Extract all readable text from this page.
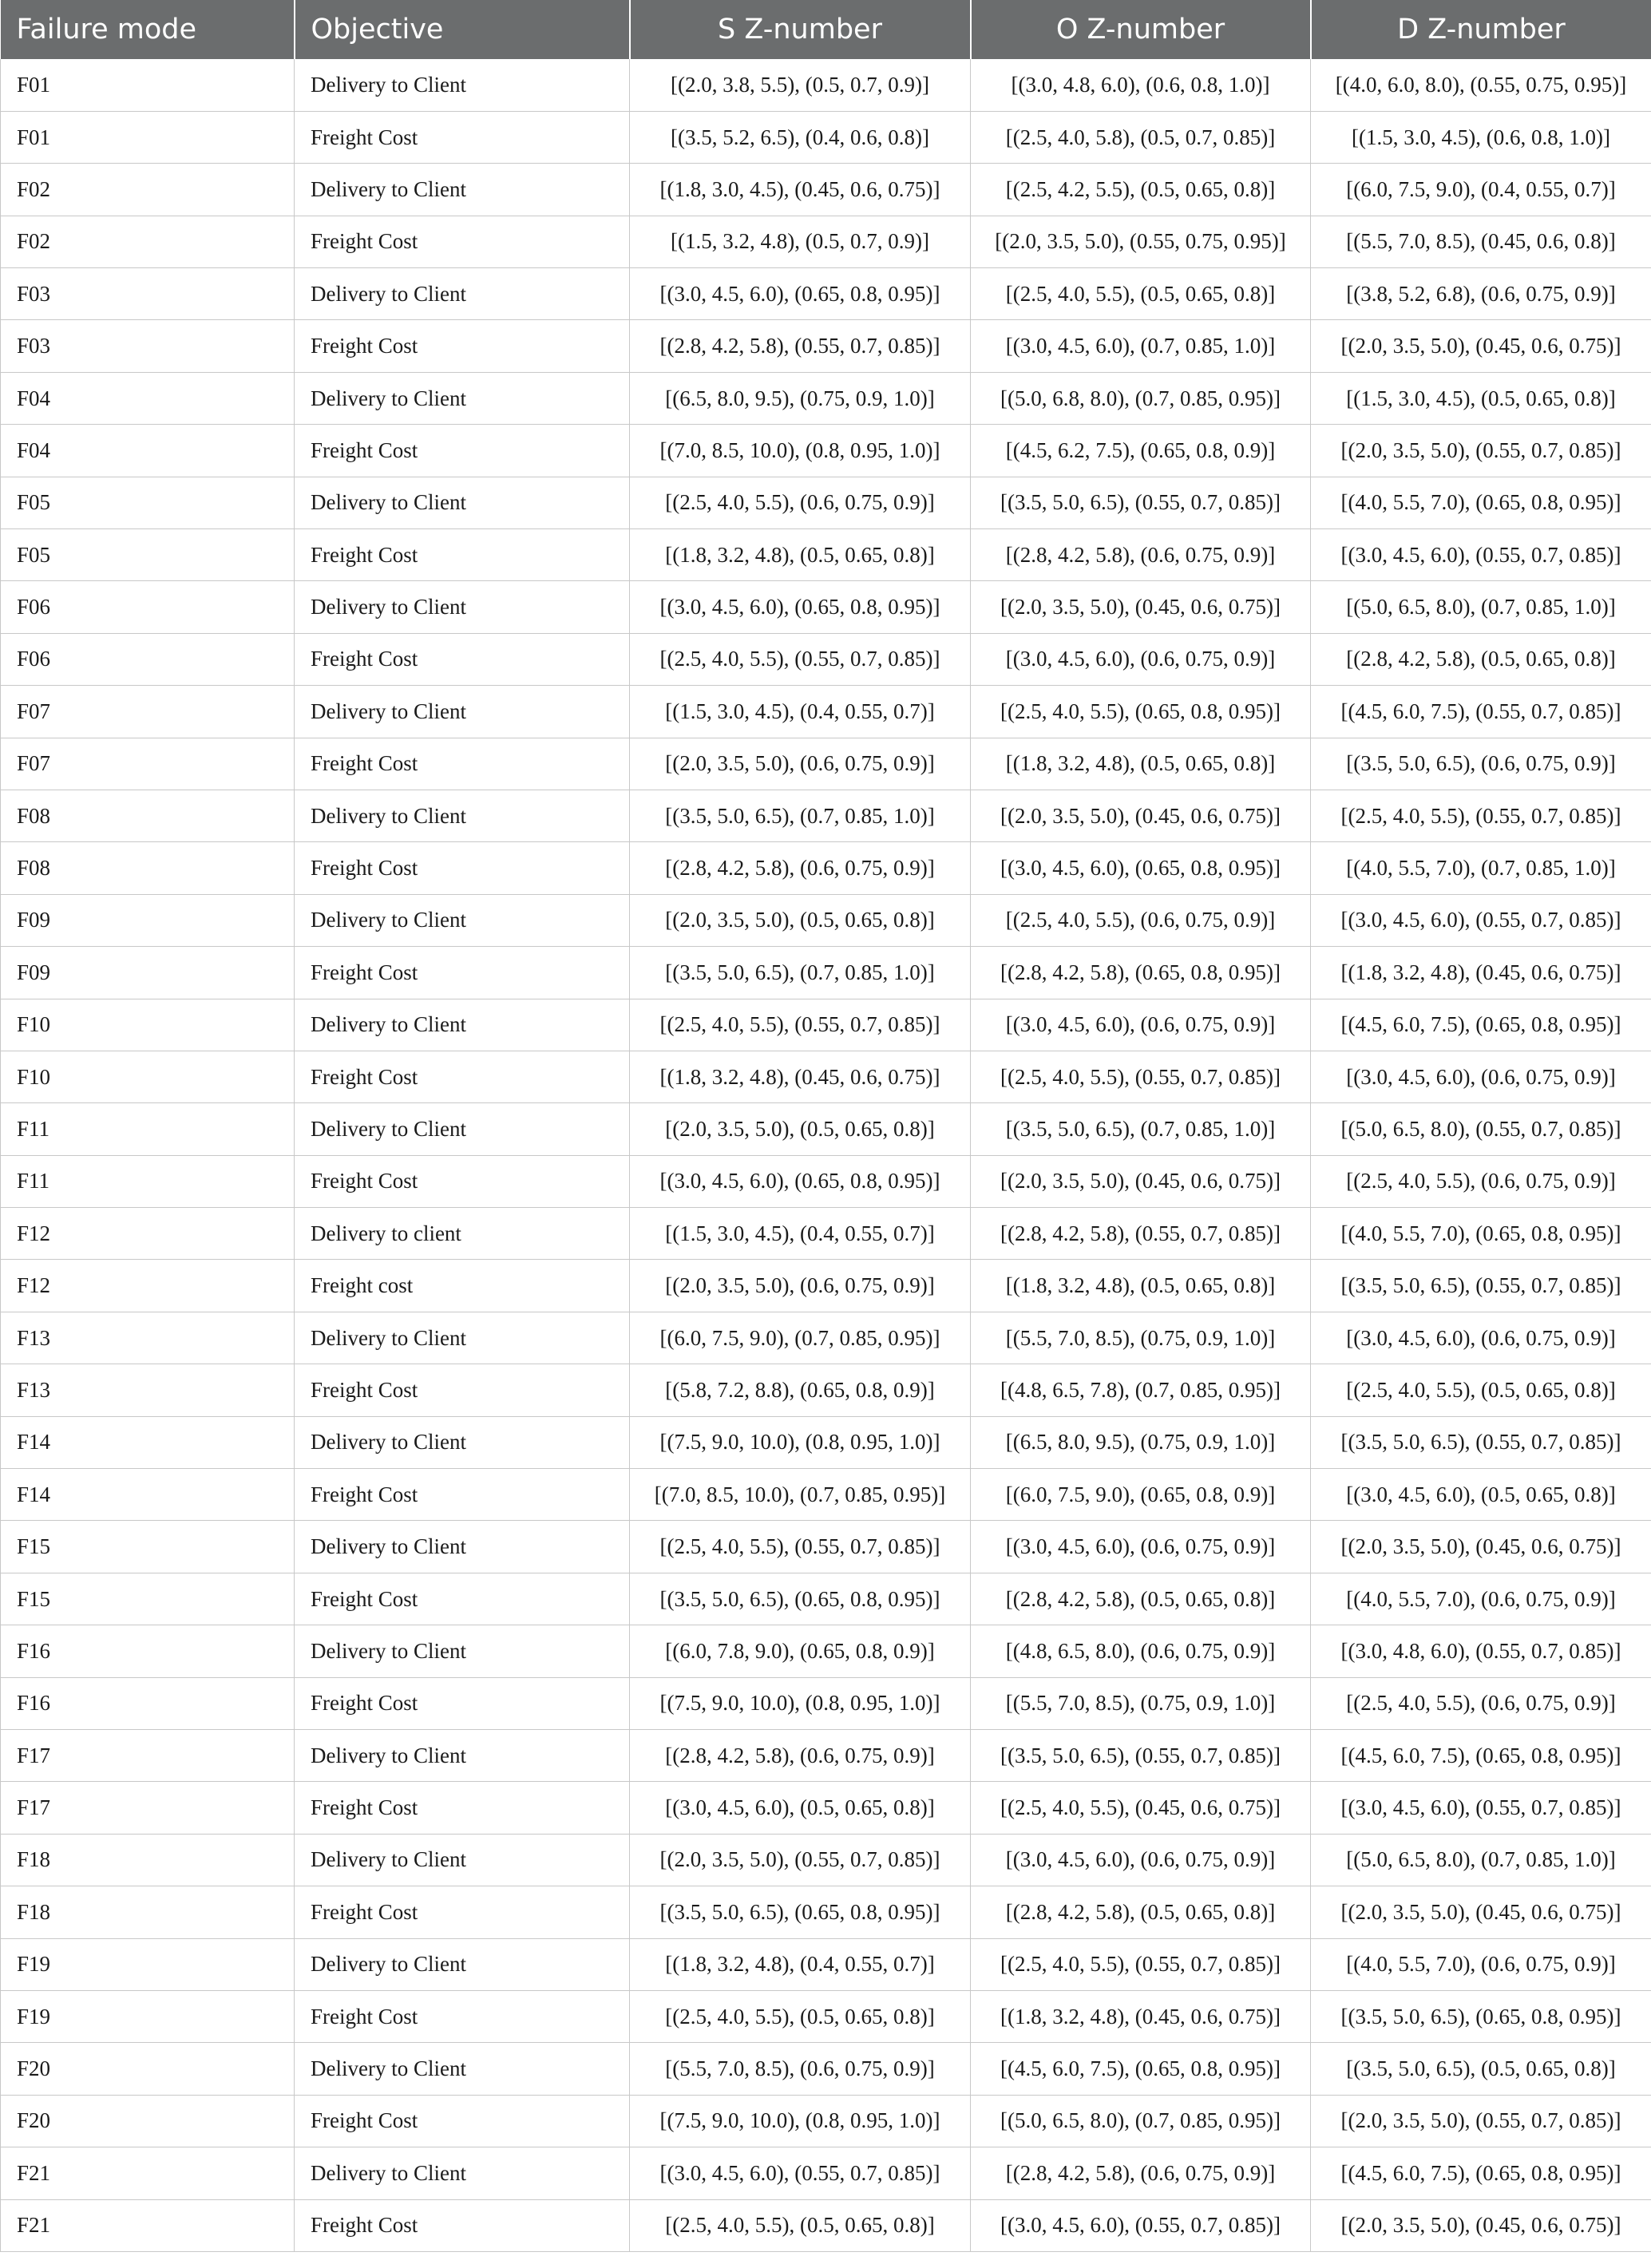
Failure mode	Objective	S Z-number	O Z-number	D Z-number
F01	Delivery to Client	[(2.0, 3.8, 5.5), (0.5, 0.7, 0.9)]	[(3.0, 4.8, 6.0), (0.6, 0.8, 1.0)]	[(4.0, 6.0, 8.0), (0.55, 0.75, 0.95)]
F01	Freight Cost	[(3.5, 5.2, 6.5), (0.4, 0.6, 0.8)]	[(2.5, 4.0, 5.8), (0.5, 0.7, 0.85)]	[(1.5, 3.0, 4.5), (0.6, 0.8, 1.0)]
F02	Delivery to Client	[(1.8, 3.0, 4.5), (0.45, 0.6, 0.75)]	[(2.5, 4.2, 5.5), (0.5, 0.65, 0.8)]	[(6.0, 7.5, 9.0), (0.4, 0.55, 0.7)]
F02	Freight Cost	[(1.5, 3.2, 4.8), (0.5, 0.7, 0.9)]	[(2.0, 3.5, 5.0), (0.55, 0.75, 0.95)]	[(5.5, 7.0, 8.5), (0.45, 0.6, 0.8)]
F03	Delivery to Client	[(3.0, 4.5, 6.0), (0.65, 0.8, 0.95)]	[(2.5, 4.0, 5.5), (0.5, 0.65, 0.8)]	[(3.8, 5.2, 6.8), (0.6, 0.75, 0.9)]
F03	Freight Cost	[(2.8, 4.2, 5.8), (0.55, 0.7, 0.85)]	[(3.0, 4.5, 6.0), (0.7, 0.85, 1.0)]	[(2.0, 3.5, 5.0), (0.45, 0.6, 0.75)]
F04	Delivery to Client	[(6.5, 8.0, 9.5), (0.75, 0.9, 1.0)]	[(5.0, 6.8, 8.0), (0.7, 0.85, 0.95)]	[(1.5, 3.0, 4.5), (0.5, 0.65, 0.8)]
F04	Freight Cost	[(7.0, 8.5, 10.0), (0.8, 0.95, 1.0)]	[(4.5, 6.2, 7.5), (0.65, 0.8, 0.9)]	[(2.0, 3.5, 5.0), (0.55, 0.7, 0.85)]
F05	Delivery to Client	[(2.5, 4.0, 5.5), (0.6, 0.75, 0.9)]	[(3.5, 5.0, 6.5), (0.55, 0.7, 0.85)]	[(4.0, 5.5, 7.0), (0.65, 0.8, 0.95)]
F05	Freight Cost	[(1.8, 3.2, 4.8), (0.5, 0.65, 0.8)]	[(2.8, 4.2, 5.8), (0.6, 0.75, 0.9)]	[(3.0, 4.5, 6.0), (0.55, 0.7, 0.85)]
F06	Delivery to Client	[(3.0, 4.5, 6.0), (0.65, 0.8, 0.95)]	[(2.0, 3.5, 5.0), (0.45, 0.6, 0.75)]	[(5.0, 6.5, 8.0), (0.7, 0.85, 1.0)]
F06	Freight Cost	[(2.5, 4.0, 5.5), (0.55, 0.7, 0.85)]	[(3.0, 4.5, 6.0), (0.6, 0.75, 0.9)]	[(2.8, 4.2, 5.8), (0.5, 0.65, 0.8)]
F07	Delivery to Client	[(1.5, 3.0, 4.5), (0.4, 0.55, 0.7)]	[(2.5, 4.0, 5.5), (0.65, 0.8, 0.95)]	[(4.5, 6.0, 7.5), (0.55, 0.7, 0.85)]
F07	Freight Cost	[(2.0, 3.5, 5.0), (0.6, 0.75, 0.9)]	[(1.8, 3.2, 4.8), (0.5, 0.65, 0.8)]	[(3.5, 5.0, 6.5), (0.6, 0.75, 0.9)]
F08	Delivery to Client	[(3.5, 5.0, 6.5), (0.7, 0.85, 1.0)]	[(2.0, 3.5, 5.0), (0.45, 0.6, 0.75)]	[(2.5, 4.0, 5.5), (0.55, 0.7, 0.85)]
F08	Freight Cost	[(2.8, 4.2, 5.8), (0.6, 0.75, 0.9)]	[(3.0, 4.5, 6.0), (0.65, 0.8, 0.95)]	[(4.0, 5.5, 7.0), (0.7, 0.85, 1.0)]
F09	Delivery to Client	[(2.0, 3.5, 5.0), (0.5, 0.65, 0.8)]	[(2.5, 4.0, 5.5), (0.6, 0.75, 0.9)]	[(3.0, 4.5, 6.0), (0.55, 0.7, 0.85)]
F09	Freight Cost	[(3.5, 5.0, 6.5), (0.7, 0.85, 1.0)]	[(2.8, 4.2, 5.8), (0.65, 0.8, 0.95)]	[(1.8, 3.2, 4.8), (0.45, 0.6, 0.75)]
F10	Delivery to Client	[(2.5, 4.0, 5.5), (0.55, 0.7, 0.85)]	[(3.0, 4.5, 6.0), (0.6, 0.75, 0.9)]	[(4.5, 6.0, 7.5), (0.65, 0.8, 0.95)]
F10	Freight Cost	[(1.8, 3.2, 4.8), (0.45, 0.6, 0.75)]	[(2.5, 4.0, 5.5), (0.55, 0.7, 0.85)]	[(3.0, 4.5, 6.0), (0.6, 0.75, 0.9)]
F11	Delivery to Client	[(2.0, 3.5, 5.0), (0.5, 0.65, 0.8)]	[(3.5, 5.0, 6.5), (0.7, 0.85, 1.0)]	[(5.0, 6.5, 8.0), (0.55, 0.7, 0.85)]
F11	Freight Cost	[(3.0, 4.5, 6.0), (0.65, 0.8, 0.95)]	[(2.0, 3.5, 5.0), (0.45, 0.6, 0.75)]	[(2.5, 4.0, 5.5), (0.6, 0.75, 0.9)]
F12	Delivery to client	[(1.5, 3.0, 4.5), (0.4, 0.55, 0.7)]	[(2.8, 4.2, 5.8), (0.55, 0.7, 0.85)]	[(4.0, 5.5, 7.0), (0.65, 0.8, 0.95)]
F12	Freight cost	[(2.0, 3.5, 5.0), (0.6, 0.75, 0.9)]	[(1.8, 3.2, 4.8), (0.5, 0.65, 0.8)]	[(3.5, 5.0, 6.5), (0.55, 0.7, 0.85)]
F13	Delivery to Client	[(6.0, 7.5, 9.0), (0.7, 0.85, 0.95)]	[(5.5, 7.0, 8.5), (0.75, 0.9, 1.0)]	[(3.0, 4.5, 6.0), (0.6, 0.75, 0.9)]
F13	Freight Cost	[(5.8, 7.2, 8.8), (0.65, 0.8, 0.9)]	[(4.8, 6.5, 7.8), (0.7, 0.85, 0.95)]	[(2.5, 4.0, 5.5), (0.5, 0.65, 0.8)]
F14	Delivery to Client	[(7.5, 9.0, 10.0), (0.8, 0.95, 1.0)]	[(6.5, 8.0, 9.5), (0.75, 0.9, 1.0)]	[(3.5, 5.0, 6.5), (0.55, 0.7, 0.85)]
F14	Freight Cost	[(7.0, 8.5, 10.0), (0.7, 0.85, 0.95)]	[(6.0, 7.5, 9.0), (0.65, 0.8, 0.9)]	[(3.0, 4.5, 6.0), (0.5, 0.65, 0.8)]
F15	Delivery to Client	[(2.5, 4.0, 5.5), (0.55, 0.7, 0.85)]	[(3.0, 4.5, 6.0), (0.6, 0.75, 0.9)]	[(2.0, 3.5, 5.0), (0.45, 0.6, 0.75)]
F15	Freight Cost	[(3.5, 5.0, 6.5), (0.65, 0.8, 0.95)]	[(2.8, 4.2, 5.8), (0.5, 0.65, 0.8)]	[(4.0, 5.5, 7.0), (0.6, 0.75, 0.9)]
F16	Delivery to Client	[(6.0, 7.8, 9.0), (0.65, 0.8, 0.9)]	[(4.8, 6.5, 8.0), (0.6, 0.75, 0.9)]	[(3.0, 4.8, 6.0), (0.55, 0.7, 0.85)]
F16	Freight Cost	[(7.5, 9.0, 10.0), (0.8, 0.95, 1.0)]	[(5.5, 7.0, 8.5), (0.75, 0.9, 1.0)]	[(2.5, 4.0, 5.5), (0.6, 0.75, 0.9)]
F17	Delivery to Client	[(2.8, 4.2, 5.8), (0.6, 0.75, 0.9)]	[(3.5, 5.0, 6.5), (0.55, 0.7, 0.85)]	[(4.5, 6.0, 7.5), (0.65, 0.8, 0.95)]
F17	Freight Cost	[(3.0, 4.5, 6.0), (0.5, 0.65, 0.8)]	[(2.5, 4.0, 5.5), (0.45, 0.6, 0.75)]	[(3.0, 4.5, 6.0), (0.55, 0.7, 0.85)]
F18	Delivery to Client	[(2.0, 3.5, 5.0), (0.55, 0.7, 0.85)]	[(3.0, 4.5, 6.0), (0.6, 0.75, 0.9)]	[(5.0, 6.5, 8.0), (0.7, 0.85, 1.0)]
F18	Freight Cost	[(3.5, 5.0, 6.5), (0.65, 0.8, 0.95)]	[(2.8, 4.2, 5.8), (0.5, 0.65, 0.8)]	[(2.0, 3.5, 5.0), (0.45, 0.6, 0.75)]
F19	Delivery to Client	[(1.8, 3.2, 4.8), (0.4, 0.55, 0.7)]	[(2.5, 4.0, 5.5), (0.55, 0.7, 0.85)]	[(4.0, 5.5, 7.0), (0.6, 0.75, 0.9)]
F19	Freight Cost	[(2.5, 4.0, 5.5), (0.5, 0.65, 0.8)]	[(1.8, 3.2, 4.8), (0.45, 0.6, 0.75)]	[(3.5, 5.0, 6.5), (0.65, 0.8, 0.95)]
F20	Delivery to Client	[(5.5, 7.0, 8.5), (0.6, 0.75, 0.9)]	[(4.5, 6.0, 7.5), (0.65, 0.8, 0.95)]	[(3.5, 5.0, 6.5), (0.5, 0.65, 0.8)]
F20	Freight Cost	[(7.5, 9.0, 10.0), (0.8, 0.95, 1.0)]	[(5.0, 6.5, 8.0), (0.7, 0.85, 0.95)]	[(2.0, 3.5, 5.0), (0.55, 0.7, 0.85)]
F21	Delivery to Client	[(3.0, 4.5, 6.0), (0.55, 0.7, 0.85)]	[(2.8, 4.2, 5.8), (0.6, 0.75, 0.9)]	[(4.5, 6.0, 7.5), (0.65, 0.8, 0.95)]
F21	Freight Cost	[(2.5, 4.0, 5.5), (0.5, 0.65, 0.8)]	[(3.0, 4.5, 6.0), (0.55, 0.7, 0.85)]	[(2.0, 3.5, 5.0), (0.45, 0.6, 0.75)]
